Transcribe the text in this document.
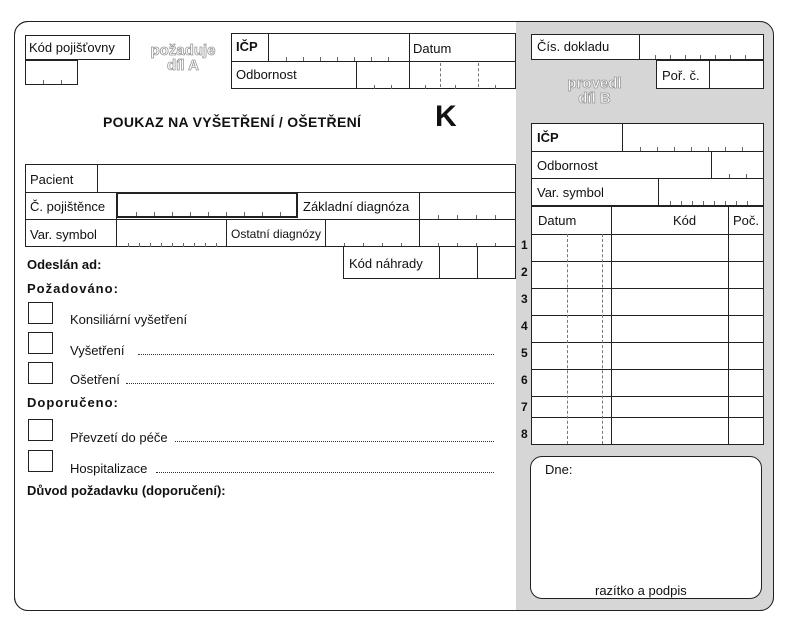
Kód pojišťovny	požaduje
díl A
IČP	Datum
Odbornost
POUKAZ NA VYŠETŘENÍ / OŠETŘENÍ K
Pacient
Č. pojištěnce	Základní diagnóza
Var. symbol	Ostatní diagnózy
Odeslán ad:	Kód náhrady
Požadováno:
Konsiliární vyšetření
Vyšetření
Ošetření
Doporučeno:
Převzetí do péče
Hospitalizace
Důvod požadavku (doporučení):
Čís. dokladu
provedl
díl B
Poř. č.
IČP
Odbornost
Var. symbol
Datum	Kód	Poč.
1
2
3
4
5
6
7
8
Dne:
razítko a podpis
